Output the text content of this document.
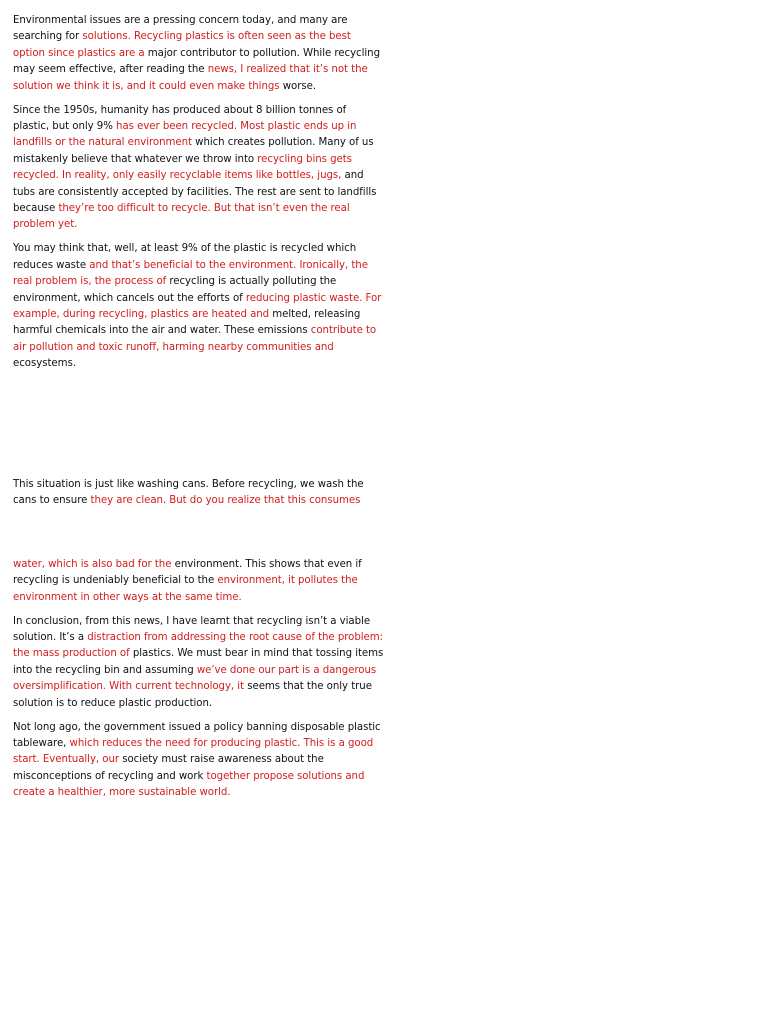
Environmental issues are a pressing concern today, and many are searching for solutions. Recycling plastics is often seen as the best option since plastics are a major contributor to pollution. While recycling may seem effective, after reading the news, I realized that it’s not the solution we think it is, and it could even make things worse.

Since the 1950s, humanity has produced about 8 billion tonnes of plastic, but only 9% has ever been recycled. Most plastic ends up in landfills or the natural environment which creates pollution. Many of us mistakenly believe that whatever we throw into recycling bins gets recycled. In reality, only easily recyclable items like bottles, jugs, and tubs are consistently accepted by facilities. The rest are sent to landfills because they’re too difficult to recycle. But that isn’t even the real problem yet.

You may think that, well, at least 9% of the plastic is recycled which reduces waste and that’s beneficial to the environment. Ironically, the real problem is, the process of recycling is actually polluting the environment, which cancels out the efforts of reducing plastic waste. For example, during recycling, plastics are heated and melted, releasing harmful chemicals into the air and water. These emissions contribute to air pollution and toxic runoff, harming nearby communities and ecosystems.

This situation is just like washing cans. Before recycling, we wash the cans to ensure they are clean. But do you realize that this consumes

water, which is also bad for the environment. This shows that even if recycling is undeniably beneficial to the environment, it pollutes the environment in other ways at the same time.

In conclusion, from this news, I have learnt that recycling isn’t a viable solution. It’s a distraction from addressing the root cause of the problem: the mass production of plastics. We must bear in mind that tossing items into the recycling bin and assuming we’ve done our part is a dangerous oversimplification. With current technology, it seems that the only true solution is to reduce plastic production.

Not long ago, the government issued a policy banning disposable plastic tableware, which reduces the need for producing plastic. This is a good start. Eventually, our society must raise awareness about the misconceptions of recycling and work together propose solutions and create a healthier, more sustainable world.
